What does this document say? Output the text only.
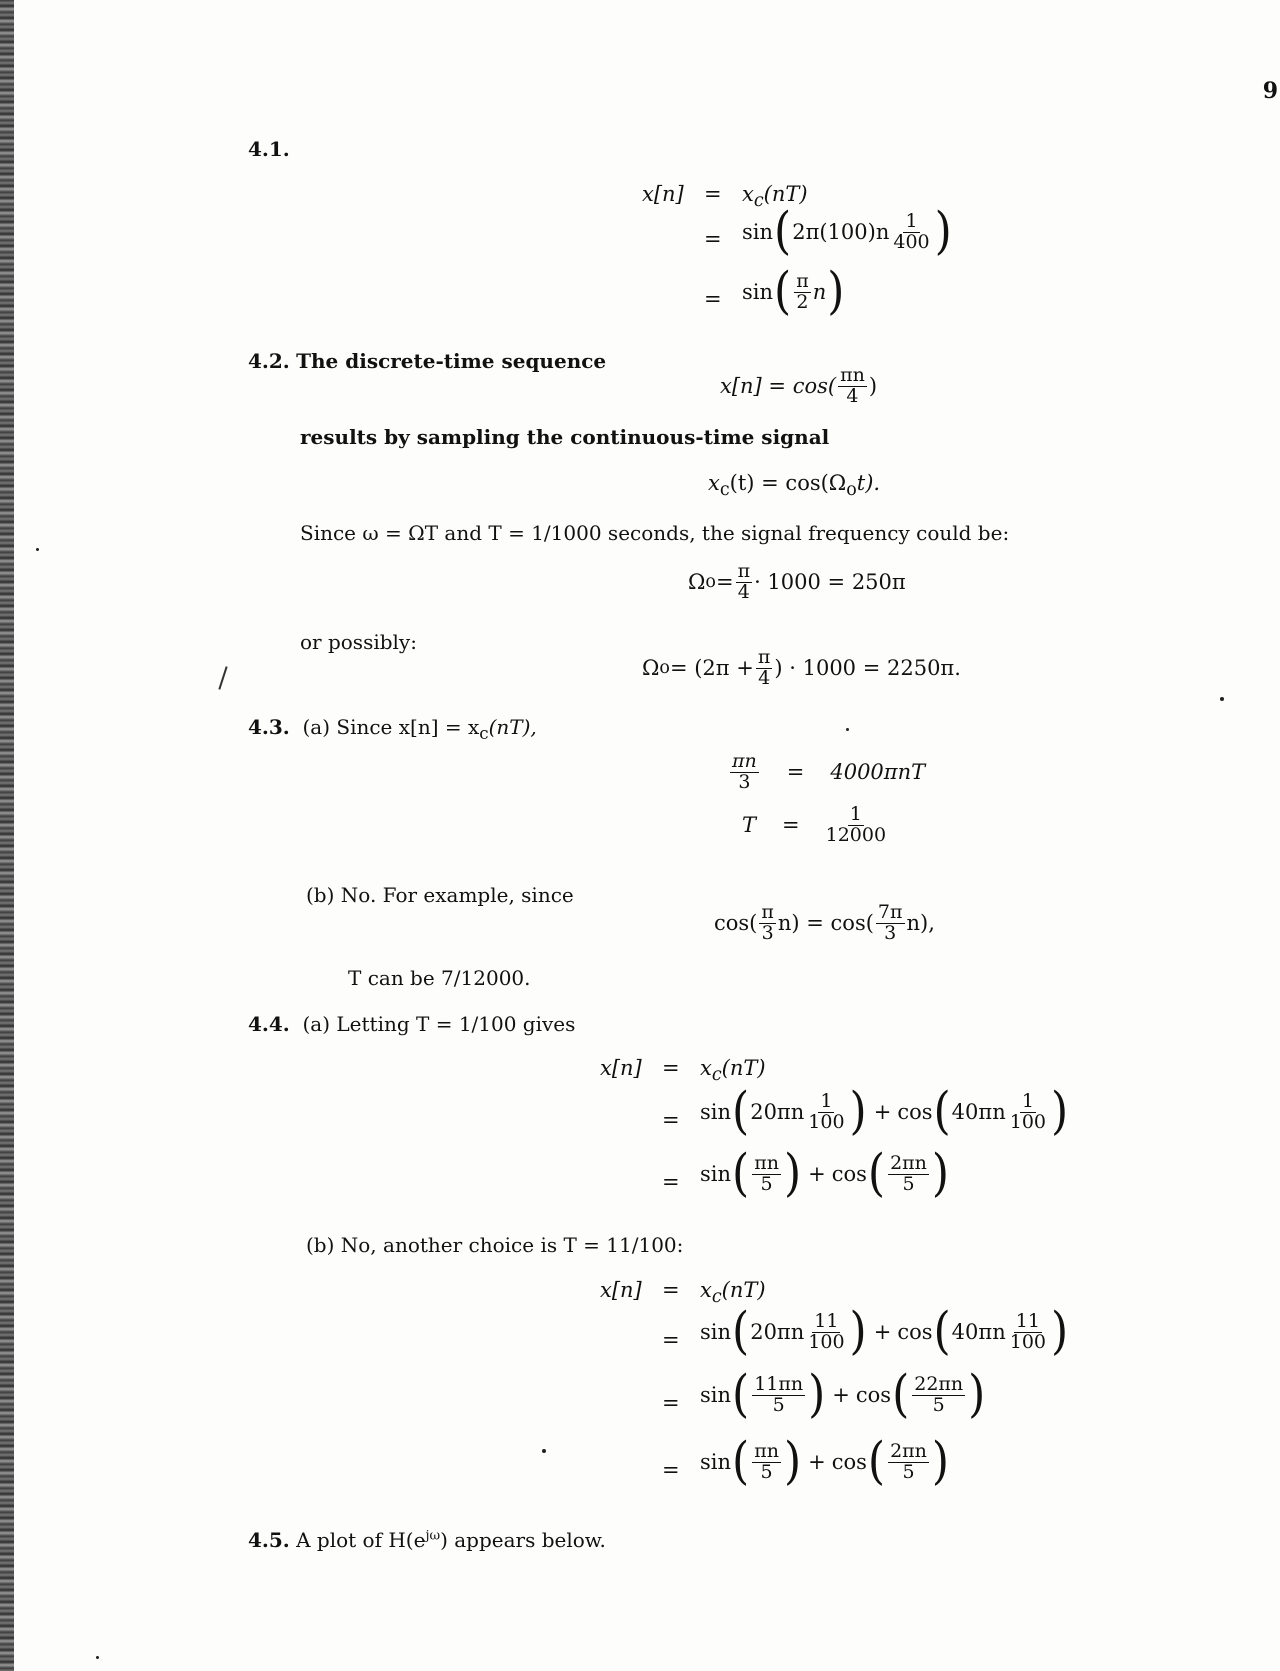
9
4.1.
$x[n] = x_c(nT)$
= sin ( $2\pi(100)n \frac{1}{400}$ )
= sin ( $\frac{\pi}{2}$ n )
4.2. The discrete-time sequence
$x[n] = \cos( \frac{\pi n}{4}$ )
results by sampling the continuous-time signal
$x_c(t) = \cos(\Omega_ot)$.
Since ω = ΩT and T = 1/1000 seconds, the signal frequency could be:
Ω $o = \frac{\pi}{4} \cdot 1000 = 250\pi$
or possibly:
Ω $o = (2\pi + \frac{\pi}{4}$ ) · 1000 = 2250π.
4.3. (a) Since $x[n] = x_c(nT)$,
$\frac{\pi n}{3} = 4000\pi nT$
$T = \frac{1}{12000}$
(b) No. For example, since
$\cos( \frac{\pi}{3} n) = \cos( \frac{7\pi}{3} n)$,
T can be 7/12000.
4.4. (a) Letting T = 1/100 gives
$x[n] = x_c(nT)$
= sin ( $20\pi n \frac{1}{100}$ ) + cos ( $40\pi n \frac{1}{100}$ )
= sin ( $\frac{\pi n}{5}$ ) + cos ( $\frac{2\pi n}{5}$ )
(b) No, another choice is T = 11/100:
$x[n] = x_c(nT)$
= sin ( $20\pi n \frac{11}{100}$ ) + cos ( $40\pi n \frac{11}{100}$ )
= sin ( $\frac{11\pi n}{5}$ ) + cos ( $\frac{22\pi n}{5}$ )
= sin ( $\frac{\pi n}{5}$ ) + cos ( $\frac{2\pi n}{5}$ )
4.5. A plot of $H(e^{j\omega})$ appears below.
